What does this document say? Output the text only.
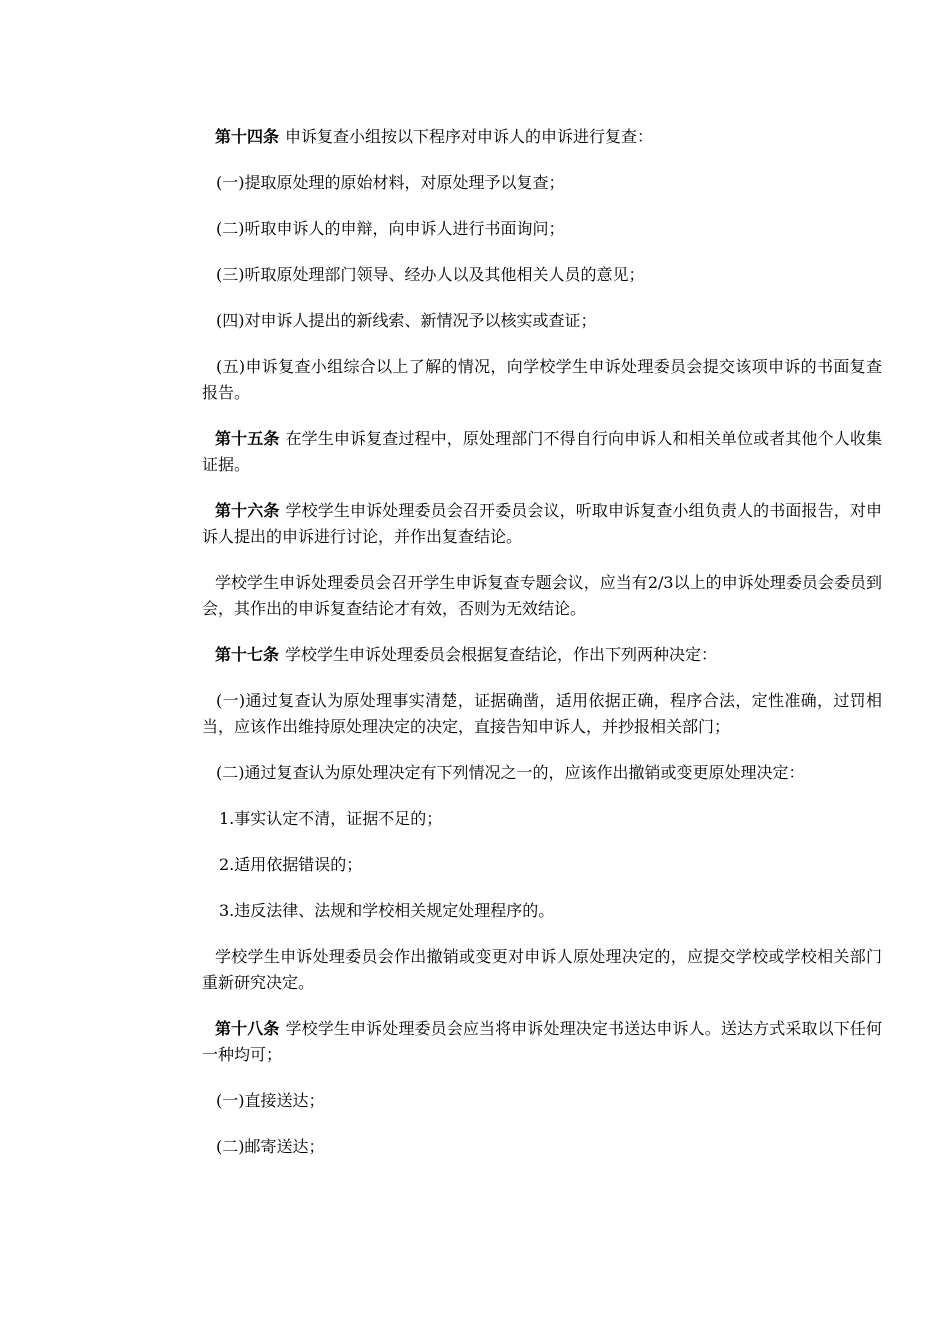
第十四条 申诉复查小组按以下程序对申诉人的申诉进行复查：

(一)提取原处理的原始材料，对原处理予以复查；

(二)听取申诉人的申辩，向申诉人进行书面询问；

(三)听取原处理部门领导、经办人以及其他相关人员的意见；

(四)对申诉人提出的新线索、新情况予以核实或查证；

(五)申诉复查小组综合以上了解的情况，向学校学生申诉处理委员会提交该项申诉的书面复查报告。

第十五条 在学生申诉复查过程中，原处理部门不得自行向申诉人和相关单位或者其他个人收集证据。

第十六条 学校学生申诉处理委员会召开委员会议，听取申诉复查小组负责人的书面报告，对申诉人提出的申诉进行讨论，并作出复查结论。

学校学生申诉处理委员会召开学生申诉复查专题会议，应当有2/3以上的申诉处理委员会委员到会，其作出的申诉复查结论才有效，否则为无效结论。

第十七条 学校学生申诉处理委员会根据复查结论，作出下列两种决定：

(一)通过复查认为原处理事实清楚，证据确凿，适用依据正确，程序合法，定性准确，过罚相当，应该作出维持原处理决定的决定，直接告知申诉人，并抄报相关部门；

(二)通过复查认为原处理决定有下列情况之一的，应该作出撤销或变更原处理决定：

1.事实认定不清，证据不足的；

2.适用依据错误的；

3.违反法律、法规和学校相关规定处理程序的。

学校学生申诉处理委员会作出撤销或变更对申诉人原处理决定的，应提交学校或学校相关部门重新研究决定。

第十八条 学校学生申诉处理委员会应当将申诉处理决定书送达申诉人。送达方式采取以下任何一种均可；

(一)直接送达；

(二)邮寄送达；
